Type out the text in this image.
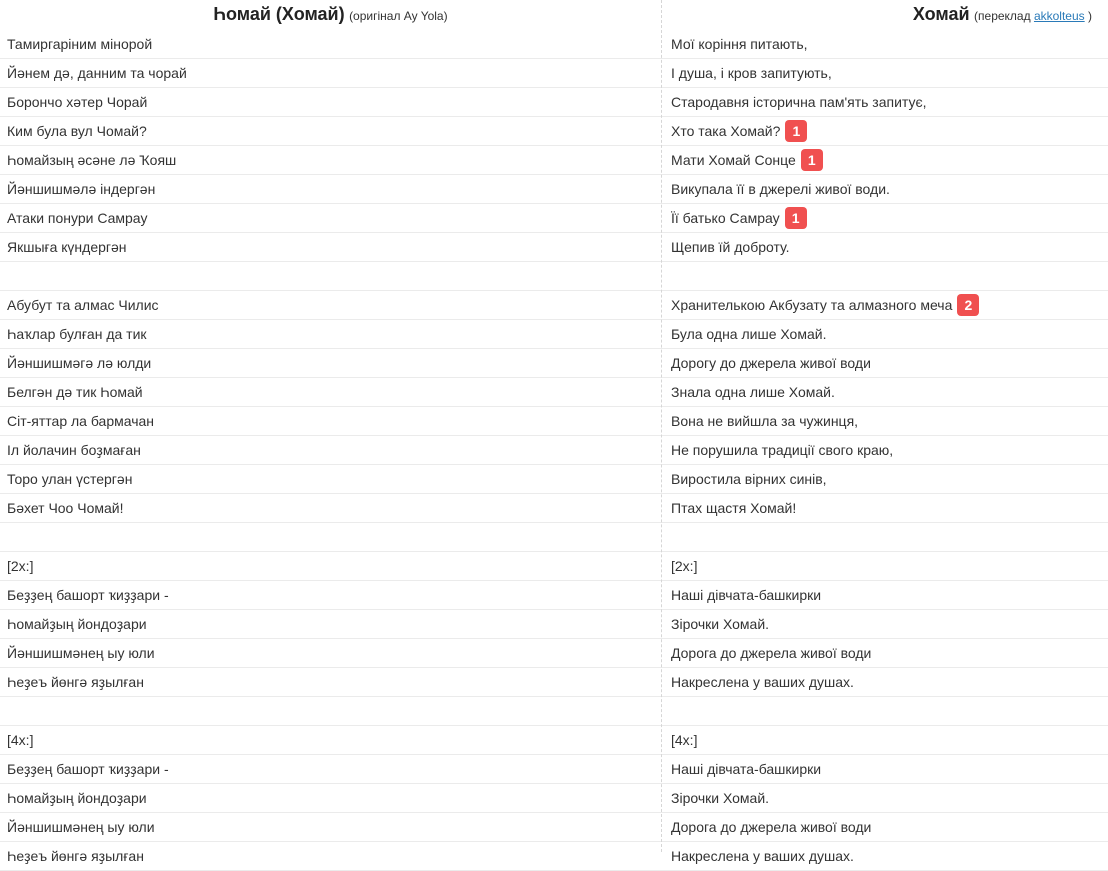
Һомай (Хомай) (оригінал Ay Yola)	Хомай (переклад akkolteus )
Тамиргаріним мінорой	Мої коріння питають,
Йәнем дә, данним та чорай	І душа, і кров запитують,
Борончо хәтер Чорай	Стародавня історична пам'ять запитує,
Ким була вул Чомай?	Хто така Хомай? 1
Һомайзың әсәне лә Ҡояш	Мати Хомай Сонце 1
Йәншишмәлә індергән	Викупала її в джерелі живої води.
Атаки понури Самрау	Її батько Самрау 1
Якшыға күндергән	Щепив їй доброту.
Абубут та алмас Чилис	Хранителькою Акбузату та алмазного меча 2
Һаҡлар булған да тик	Була одна лише Хомай.
Йәншишмәгә лә юлди	Дорогу до джерела живої води
Белгән дә тик Һомай	Знала одна лише Хомай.
Сіт-яттар ла бармачан	Вона не вийшла за чужинця,
Іл йолачин боҙмаған	Не порушила традиції свого краю,
Торо улан үстергән	Виростила вірних синів,
Бәхет Чоо Чомай!	Птах щастя Хомай!
[2x:]	[2x:]
Беҙҙең башорт ҡиҙҙари -	Наші дівчата-башкирки
Һомайҙың йондоҙари	Зірочки Хомай.
Йәншишмәнең ыу юли	Дорога до джерела живої води
Һеҙеъ йөнгә яҙылған	Накреслена у ваших душах.
[4x:]	[4x:]
Беҙҙең башорт ҡиҙҙари -	Наші дівчата-башкирки
Һомайҙың йондоҙари	Зірочки Хомай.
Йәншишмәнең ыу юли	Дорога до джерела живої води
Һеҙеъ йөнгә яҙылған	Накреслена у ваших душах.
